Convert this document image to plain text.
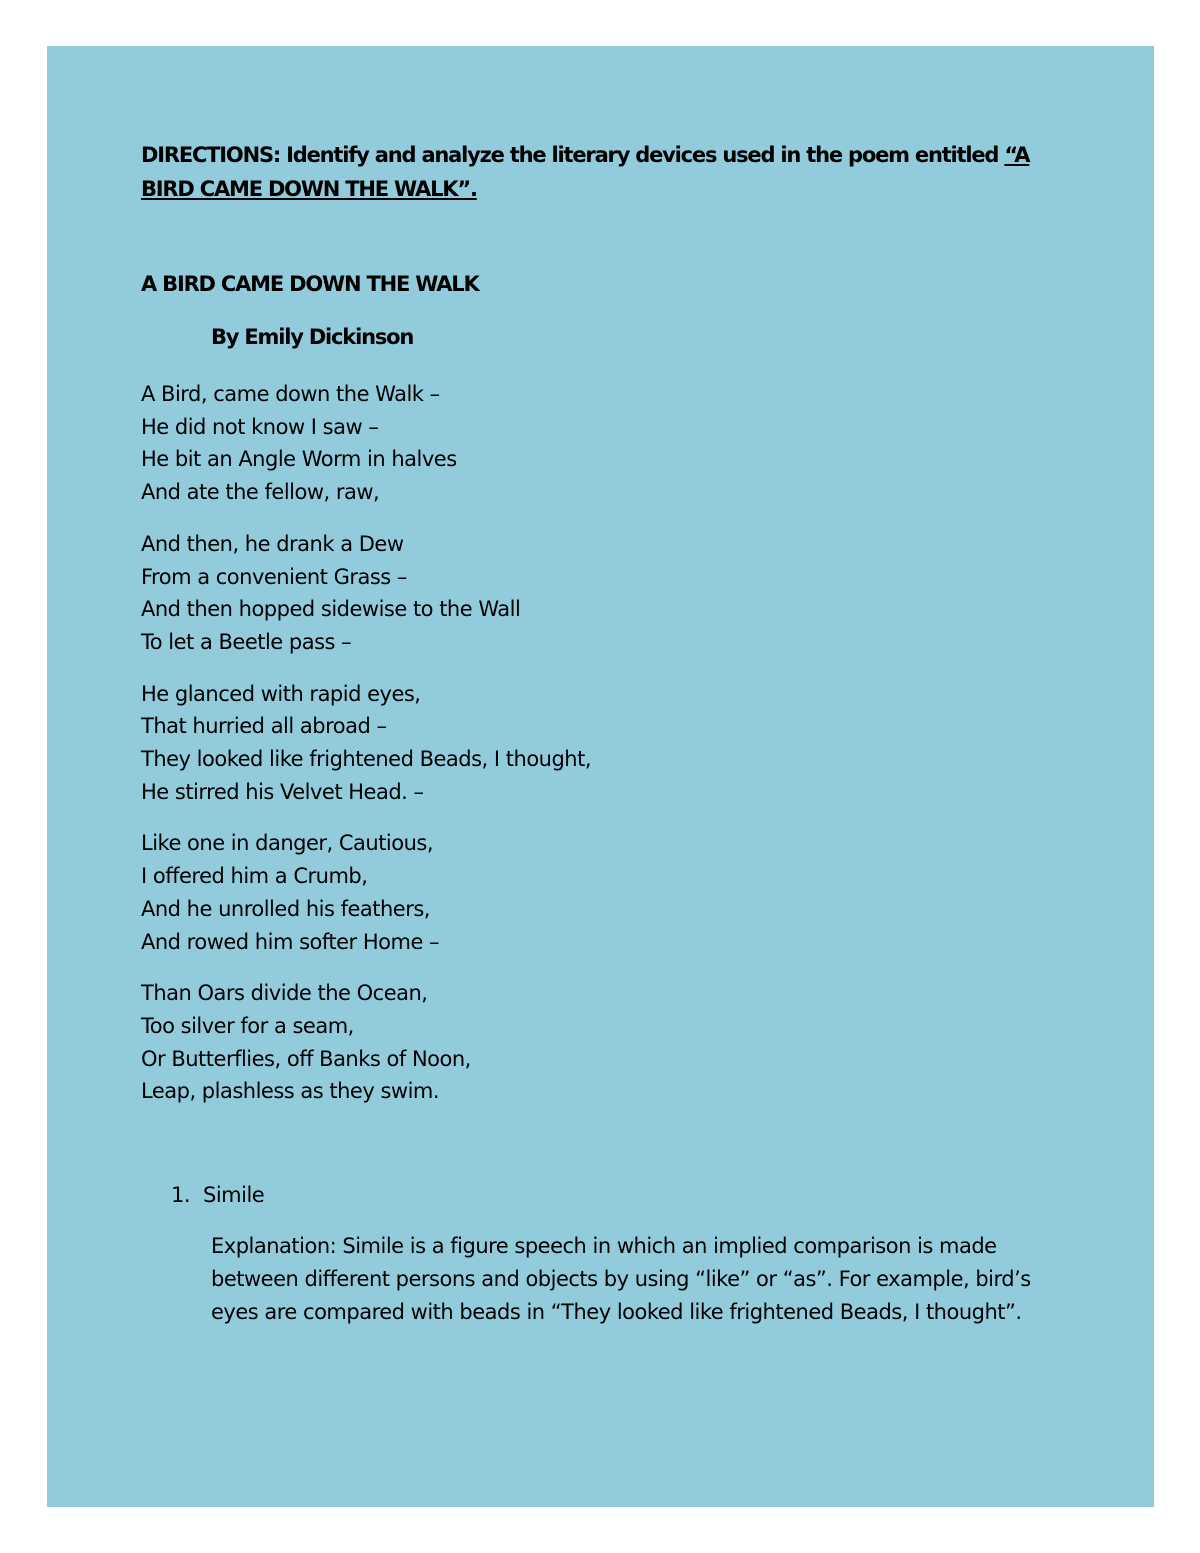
DIRECTIONS: Identify and analyze the literary devices used in the poem entitled “A BIRD CAME DOWN THE WALK”.

A BIRD CAME DOWN THE WALK

By Emily Dickinson

A Bird, came down the Walk –
He did not know I saw –
He bit an Angle Worm in halves
And ate the fellow, raw,
And then, he drank a Dew
From a convenient Grass –
And then hopped sidewise to the Wall
To let a Beetle pass –
He glanced with rapid eyes,
That hurried all abroad –
They looked like frightened Beads, I thought,
He stirred his Velvet Head. –
Like one in danger, Cautious,
I offered him a Crumb,
And he unrolled his feathers,
And rowed him softer Home –
Than Oars divide the Ocean,
Too silver for a seam,
Or Butterflies, off Banks of Noon,
Leap, plashless as they swim.
1. Simile
Explanation: Simile is a figure speech in which an implied comparison is made between different persons and objects by using “like” or “as”. For example, bird’s eyes are compared with beads in “They looked like frightened Beads, I thought”.
